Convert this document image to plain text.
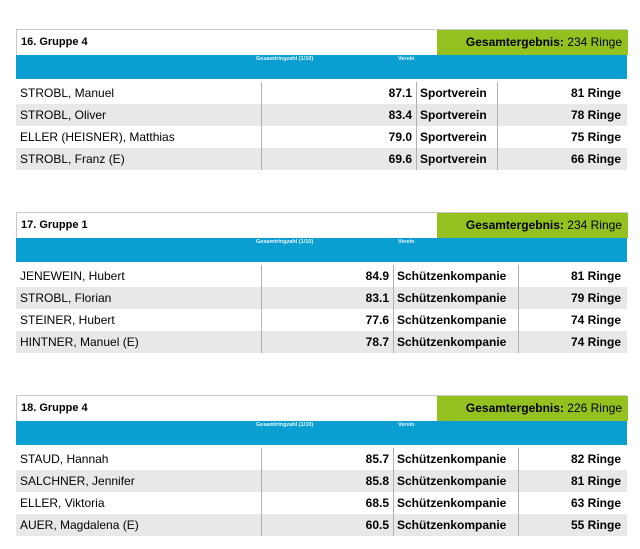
16. Gruppe 4	Gesamtergebnis: 234 Ringe
Gesamtringzahl (1/10)	Verein
STROBL, Manuel	87.1 Sportverein	81 Ringe
STROBL, Oliver	83.4 Sportverein	78 Ringe
ELLER (HEISNER), Matthias	79.0 Sportverein	75 Ringe
STROBL, Franz (E)	69.6 Sportverein	66 Ringe
17. Gruppe 1	Gesamtergebnis: 234 Ringe
Gesamtringzahl (1/10)	Verein
JENEWEIN, Hubert	84.9 Schützenkompanie	81 Ringe
STROBL, Florian	83.1 Schützenkompanie	79 Ringe
STEINER, Hubert	77.6 Schützenkompanie	74 Ringe
HINTNER, Manuel (E)	78.7 Schützenkompanie	74 Ringe
18. Gruppe 4	Gesamtergebnis: 226 Ringe
Gesamtringzahl (1/10)	Verein
STAUD, Hannah	85.7 Schützenkompanie	82 Ringe
SALCHNER, Jennifer	85.8 Schützenkompanie	81 Ringe
ELLER, Viktoria	68.5 Schützenkompanie	63 Ringe
AUER, Magdalena (E)	60.5 Schützenkompanie	55 Ringe
